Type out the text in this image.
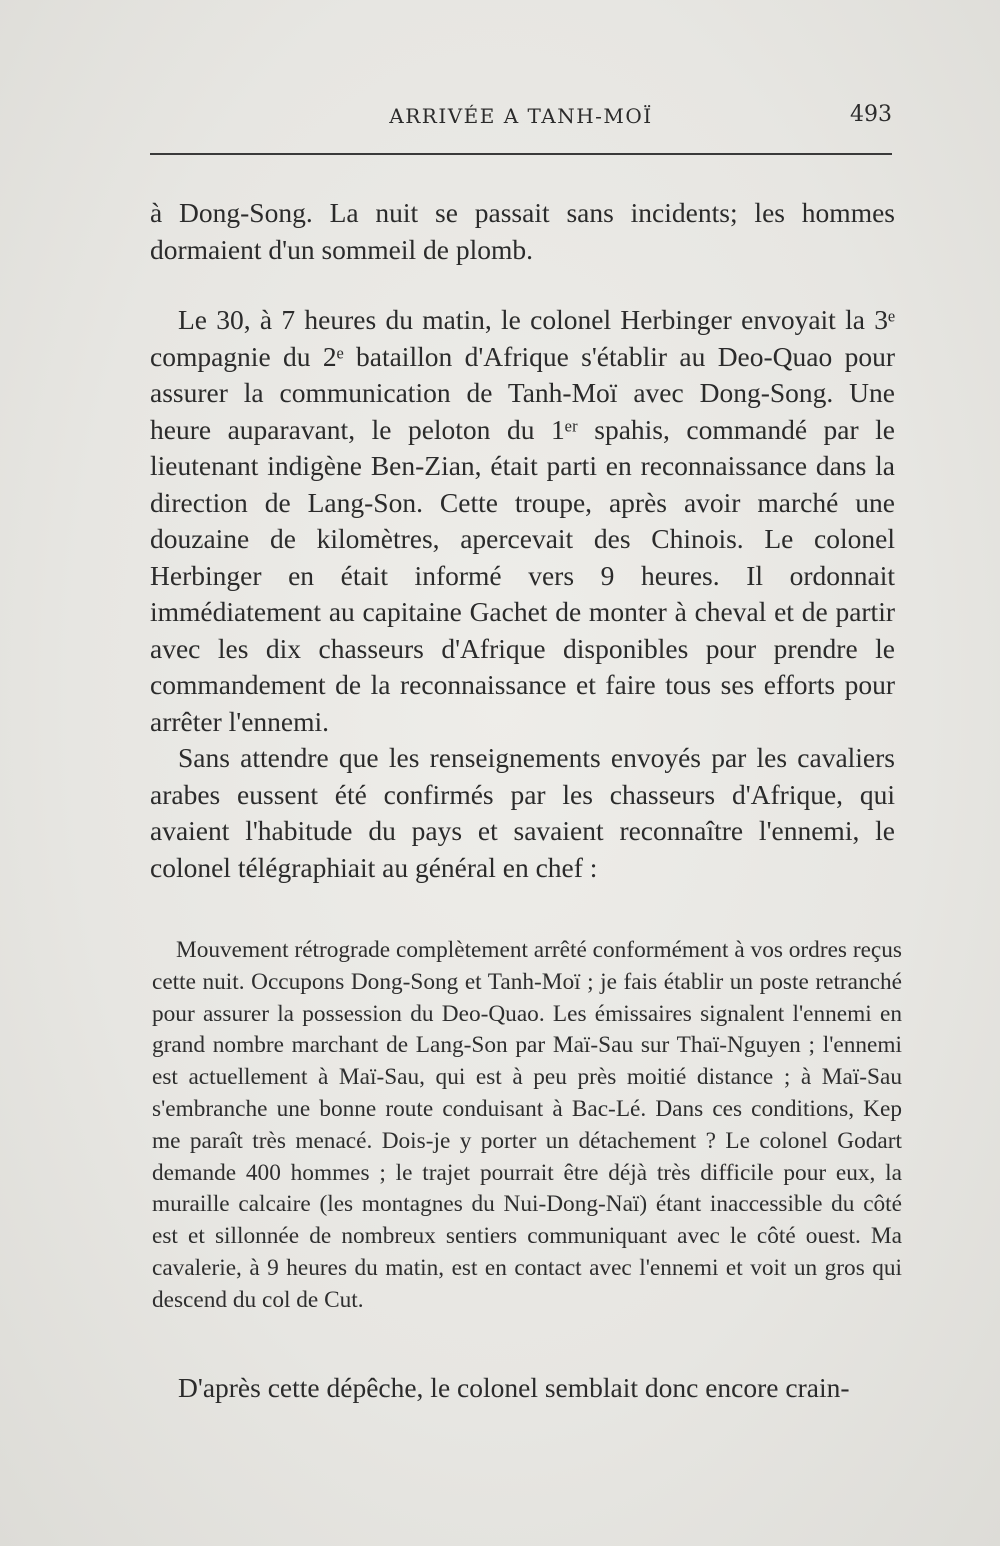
ARRIVÉE A TANH-MOÏ	493

à Dong-Song. La nuit se passait sans incidents; les hommes dormaient d'un sommeil de plomb.

Le 30, à 7 heures du matin, le colonel Herbinger envoyait la 3ᵉ compagnie du 2ᵉ bataillon d'Afrique s'établir au Deo-Quao pour assurer la communication de Tanh-Moï avec Dong-Song. Une heure auparavant, le peloton du 1ᵉʳ spahis, commandé par le lieutenant indigène Ben-Zian, était parti en reconnaissance dans la direction de Lang-Son. Cette troupe, après avoir marché une douzaine de kilomètres, apercevait des Chinois. Le colonel Herbinger en était informé vers 9 heures. Il ordonnait immédiatement au capitaine Gachet de monter à cheval et de partir avec les dix chasseurs d'Afrique disponibles pour prendre le commandement de la reconnaissance et faire tous ses efforts pour arrêter l'ennemi.

Sans attendre que les renseignements envoyés par les cavaliers arabes eussent été confirmés par les chasseurs d'Afrique, qui avaient l'habitude du pays et savaient reconnaître l'ennemi, le colonel télégraphiait au général en chef :

Mouvement rétrograde complètement arrêté conformément à vos ordres reçus cette nuit. Occupons Dong-Song et Tanh-Moï ; je fais établir un poste retranché pour assurer la possession du Deo-Quao. Les émissaires signalent l'ennemi en grand nombre marchant de Lang-Son par Maï-Sau sur Thaï-Nguyen ; l'ennemi est actuellement à Maï-Sau, qui est à peu près moitié distance ; à Maï-Sau s'embranche une bonne route conduisant à Bac-Lé. Dans ces conditions, Kep me paraît très menacé. Dois-je y porter un détachement ? Le colonel Godart demande 400 hommes ; le trajet pourrait être déjà très difficile pour eux, la muraille calcaire (les montagnes du Nui-Dong-Naï) étant inaccessible du côté est et sillonnée de nombreux sentiers communiquant avec le côté ouest. Ma cavalerie, à 9 heures du matin, est en contact avec l'ennemi et voit un gros qui descend du col de Cut.

D'après cette dépêche, le colonel semblait donc encore crain-
